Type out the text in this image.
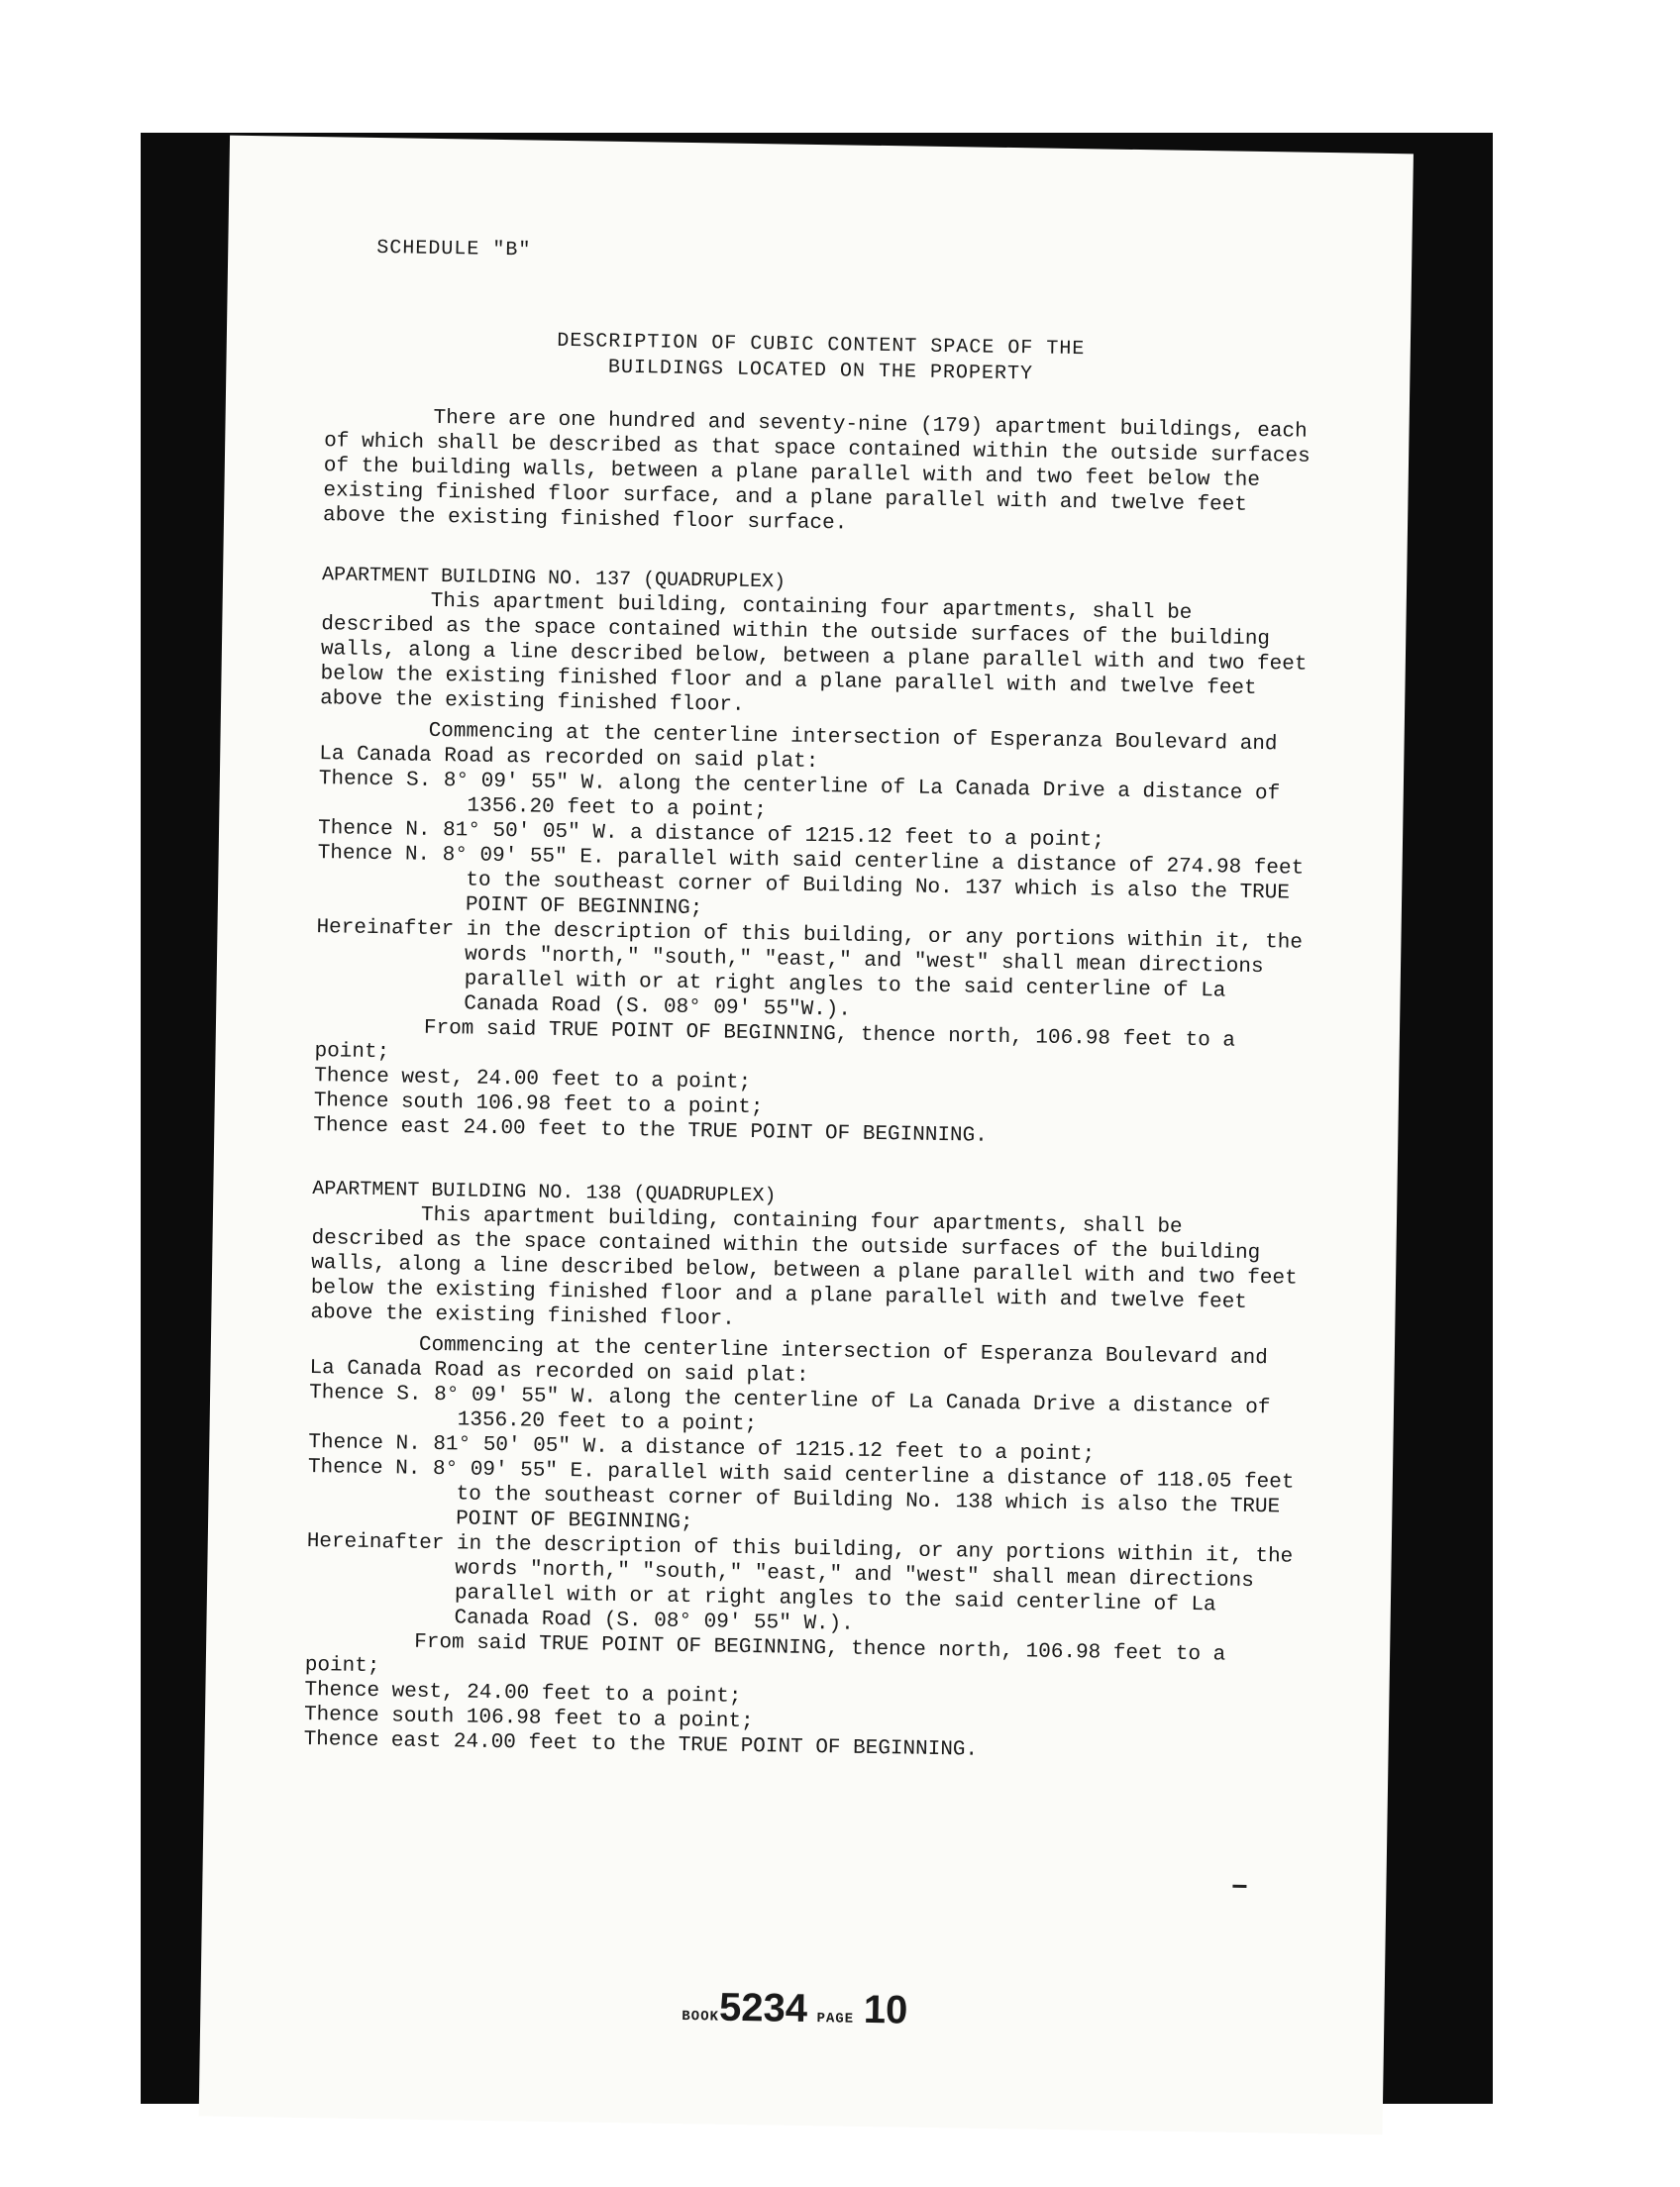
SCHEDULE "B"
DESCRIPTION OF CUBIC CONTENT SPACE OF THE
BUILDINGS LOCATED ON THE PROPERTY

There are one hundred and seventy-nine (179) apartment buildings, each of which shall be described as that space contained within the outside surfaces of the building walls, between a plane parallel with and two feet below the existing finished floor surface, and a plane parallel with and twelve feet above the existing finished floor surface.

APARTMENT BUILDING NO. 137 (QUADRUPLEX)

This apartment building, containing four apartments, shall be described as the space contained within the outside surfaces of the building walls, along a line described below, between a plane parallel with and two feet below the existing finished floor and a plane parallel with and twelve feet above the existing finished floor.

Commencing at the centerline intersection of Esperanza Boulevard and La Canada Road as recorded on said plat:

Thence S. 8° 09' 55" W. along the centerline of La Canada Drive a distance of 1356.20 feet to a point;

Thence N. 81° 50' 05" W. a distance of 1215.12 feet to a point;

Thence N. 8° 09' 55" E. parallel with said centerline a distance of 274.98 feet to the southeast corner of Building No. 137 which is also the TRUE POINT OF BEGINNING;

Hereinafter in the description of this building, or any portions within it, the words "north," "south," "east," and "west" shall mean directions parallel with or at right angles to the said centerline of La Canada Road (S. 08° 09' 55"W.).

From said TRUE POINT OF BEGINNING, thence north, 106.98 feet to a point;

Thence west, 24.00 feet to a point;

Thence south 106.98 feet to a point;

Thence east 24.00 feet to the TRUE POINT OF BEGINNING.

APARTMENT BUILDING NO. 138 (QUADRUPLEX)

This apartment building, containing four apartments, shall be described as the space contained within the outside surfaces of the building walls, along a line described below, between a plane parallel with and two feet below the existing finished floor and a plane parallel with and twelve feet above the existing finished floor.

Commencing at the centerline intersection of Esperanza Boulevard and La Canada Road as recorded on said plat:

Thence S. 8° 09' 55" W. along the centerline of La Canada Drive a distance of 1356.20 feet to a point;

Thence N. 81° 50' 05" W. a distance of 1215.12 feet to a point;

Thence N. 8° 09' 55" E. parallel with said centerline a distance of 118.05 feet to the southeast corner of Building No. 138 which is also the TRUE POINT OF BEGINNING;

Hereinafter in the description of this building, or any portions within it, the words "north," "south," "east," and "west" shall mean directions parallel with or at right angles to the said centerline of La Canada Road (S. 08° 09' 55" W.).

From said TRUE POINT OF BEGINNING, thence north, 106.98 feet to a point;

Thence west, 24.00 feet to a point;

Thence south 106.98 feet to a point;

Thence east 24.00 feet to the TRUE POINT OF BEGINNING.

BOOK5234 PAGE 10
